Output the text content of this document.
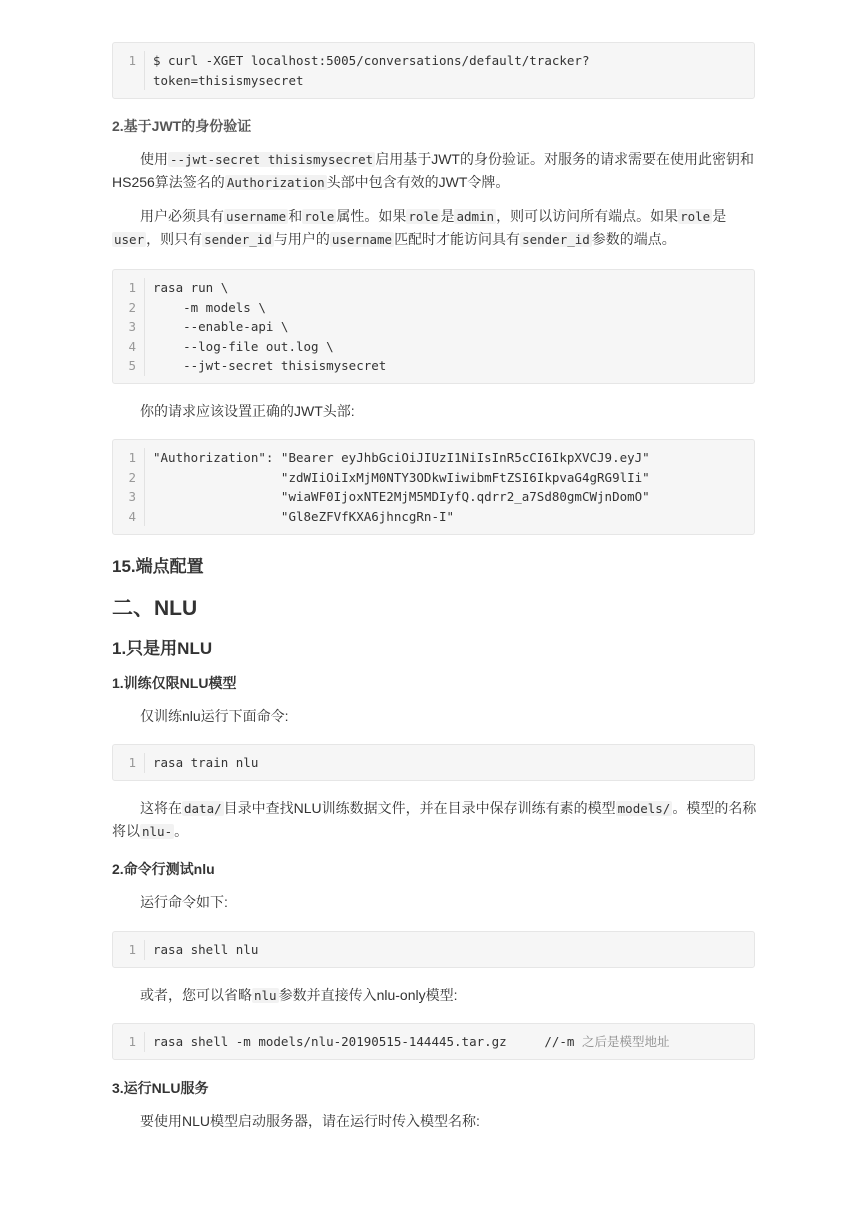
1	$ curl -XGET localhost:5005/conversations/default/tracker?
token=thisismysecret
2.基于JWT的身份验证

使用 --jwt-secret thisismysecret 启用基于JWT的身份验证。对服务的请求需要在使用此密钥和HS256算法签名的 Authorization 头部中包含有效的JWT令牌。

用户必须具有 username 和 role 属性。如果 role 是 admin ，则可以访问所有端点。如果 role 是user ，则只有 sender_id 与用户的 username 匹配时才能访问具有 sender_id 参数的端点。

1	rasa run \
2	-m models \
3	--enable-api \
4	--log-file out.log \
5	--jwt-secret thisismysecret

你的请求应该设置正确的JWT头部:

1	"Authorization": "Bearer eyJhbGciOiJIUzI1NiIsInR5cCI6IkpXVCJ9.eyJ"
2	"zdWIiOiIxMjM0NTY3ODkwIiwibmFtZSI6IkpvaG4gRG9lIi"
3	"wiaWF0IjoxNTE2MjM5MDIyfQ.qdrr2_a7Sd80gmCWjnDomO"
4	"Gl8eZFVfKXA6jhncgRn-I"
15.端点配置
二、NLU
1.只是用NLU
1.训练仅限NLU模型

仅训练nlu运行下面命令:

1	rasa train nlu

这将在 data/ 目录中查找NLU训练数据文件，并在目录中保存训练有素的模型 models/ 。模型的名称将以 nlu- 。

2.命令行测试nlu

运行命令如下:

1	rasa shell nlu

或者，您可以省略 nlu 参数并直接传入nlu-only模型:

1	rasa shell -m models/nlu-20190515-144445.tar.gz     //-m 之后是模型地址
3.运行NLU服务

要使用NLU模型启动服务器，请在运行时传入模型名称:
